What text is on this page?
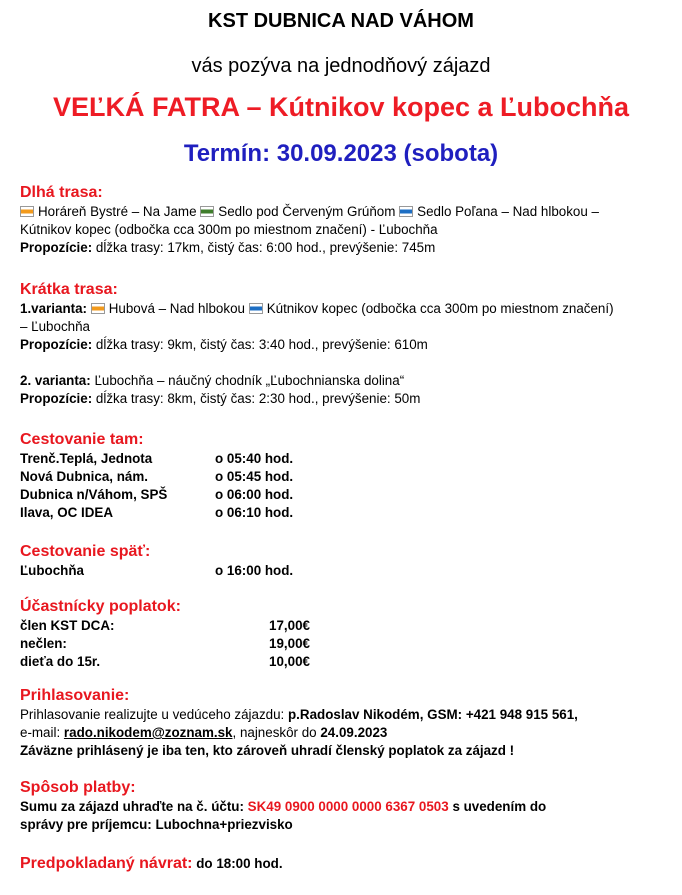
KST DUBNICA NAD VÁHOM
vás pozýva na jednodňový zájazd
VEĽKÁ FATRA – Kútnikov kopec a Ľubochňa
Termín: 30.09.2023 (sobota)
Dlhá trasa:
Horáreň Bystré – Na Jame Sedlo pod Červeným Grúňom Sedlo Poľana – Nad hlbokou –
Kútnikov kopec (odbočka cca 300m po miestnom značení) - Ľubochňa
Propozície: dĺžka trasy: 17km, čistý čas: 6:00 hod., prevýšenie: 745m
Krátka trasa:
1.varianta: Hubová – Nad hlbokou Kútnikov kopec (odbočka cca 300m po miestnom značení)
– Ľubochňa
Propozície: dĺžka trasy: 9km, čistý čas: 3:40 hod., prevýšenie: 610m
2. varianta: Ľubochňa – náučný chodník „Ľubochnianska dolina“
Propozície: dĺžka trasy: 8km, čistý čas: 2:30 hod., prevýšenie: 50m
Cestovanie tam:
Trenč.Teplá, Jednota	o 05:40 hod.
Nová Dubnica, nám.	o 05:45 hod.
Dubnica n/Váhom, SPŠ	o 06:00 hod.
Ilava, OC IDEA	o 06:10 hod.
Cestovanie späť:
Ľubochňa	o 16:00 hod.
Účastnícky poplatok:
člen KST DCA:	17,00€
nečlen:	19,00€
dieťa do 15r.	10,00€
Prihlasovanie:
Prihlasovanie realizujte u vedúceho zájazdu: p.Radoslav Nikodém, GSM: +421 948 915 561,
e-mail: rado.nikodem@zoznam.sk, najneskôr do 24.09.2023
Záväzne prihlásený je iba ten, kto zároveň uhradí členský poplatok za zájazd !
Spôsob platby:
Sumu za zájazd uhraďte na č. účtu: SK49 0900 0000 0000 6367 0503 s uvedením do
správy pre príjemcu: Lubochna+priezvisko
Predpokladaný návrat: do 18:00 hod.
